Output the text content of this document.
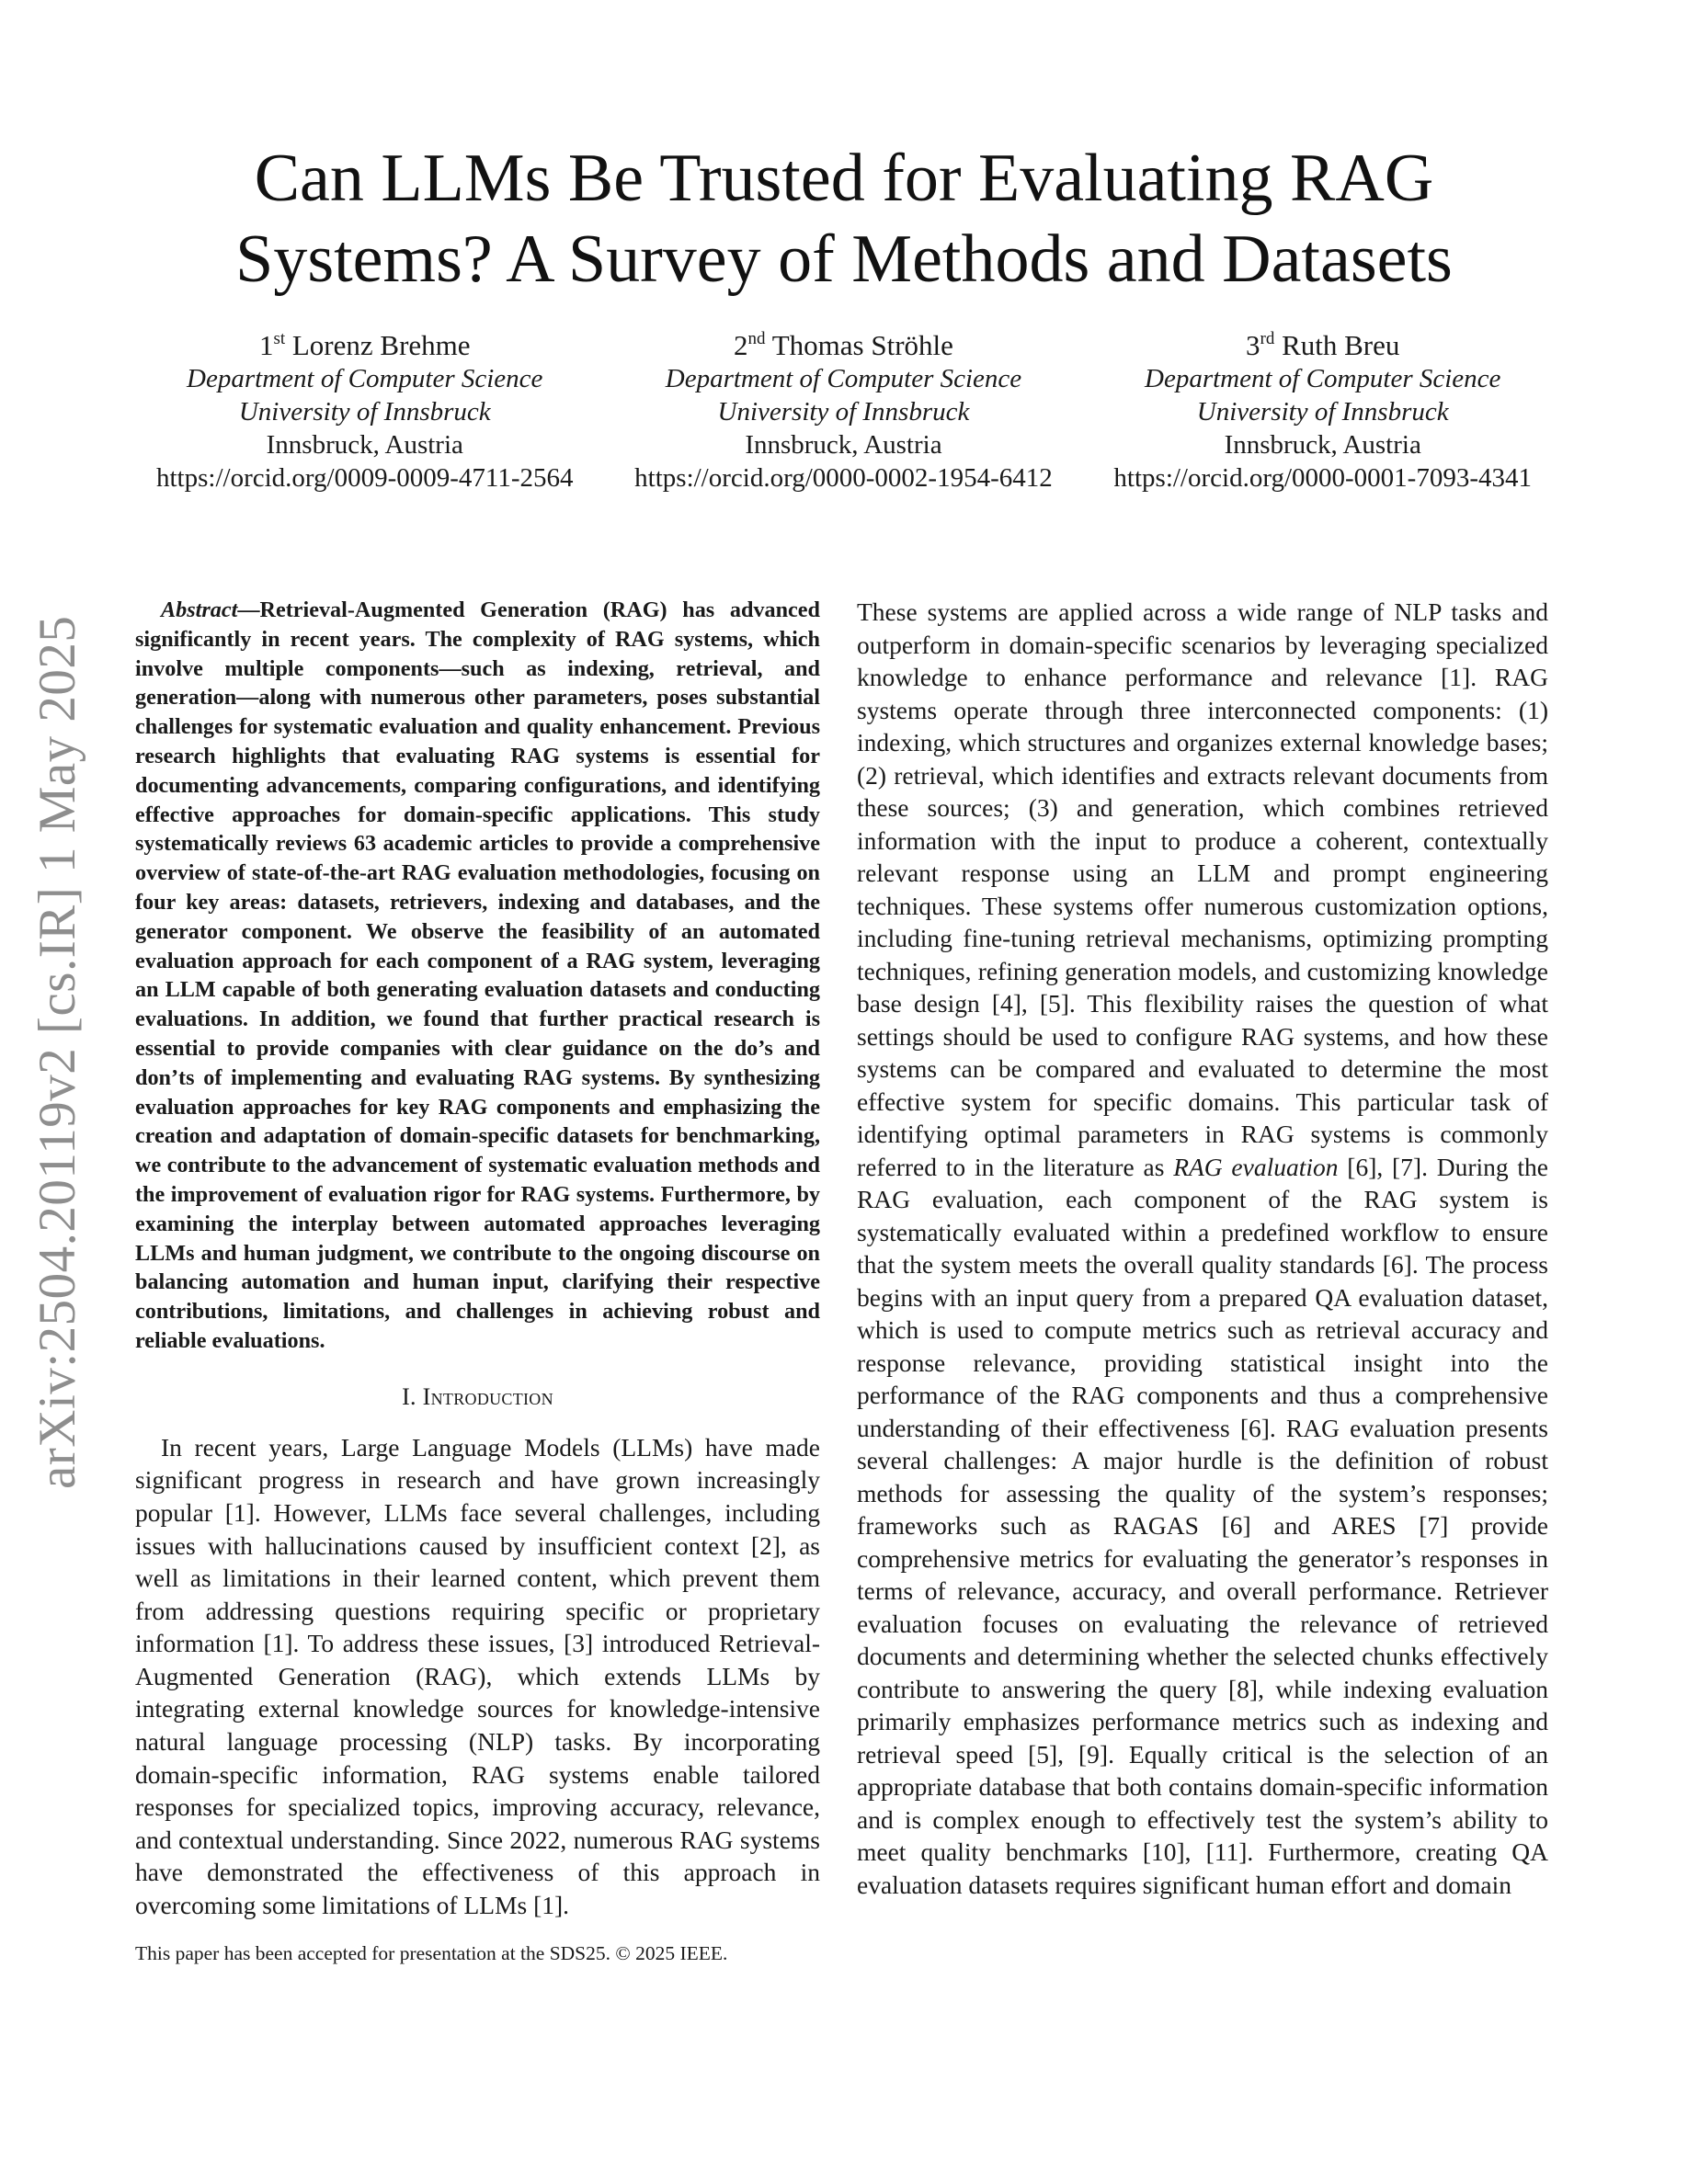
arXiv:2504.20119v2 [cs.IR] 1 May 2025
Can LLMs Be Trusted for Evaluating RAG
Systems? A Survey of Methods and Datasets
1st Lorenz Brehme
Department of Computer Science
University of Innsbruck
Innsbruck, Austria
https://orcid.org/0009-0009-4711-2564
2nd Thomas Ströhle
Department of Computer Science
University of Innsbruck
Innsbruck, Austria
https://orcid.org/0000-0002-1954-6412
3rd Ruth Breu
Department of Computer Science
University of Innsbruck
Innsbruck, Austria
https://orcid.org/0000-0001-7093-4341

Abstract—Retrieval-Augmented Generation (RAG) has advanced significantly in recent years. The complexity of RAG systems, which involve multiple components—such as indexing, retrieval, and generation—along with numerous other parameters, poses substantial challenges for systematic evaluation and quality enhancement. Previous research highlights that evaluating RAG systems is essential for documenting advancements, comparing configurations, and identifying effective approaches for domain-specific applications. This study systematically reviews 63 academic articles to provide a comprehensive overview of state-of-the-art RAG evaluation methodologies, focusing on four key areas: datasets, retrievers, indexing and databases, and the generator component. We observe the feasibility of an automated evaluation approach for each component of a RAG system, leveraging an LLM capable of both generating evaluation datasets and conducting evaluations. In addition, we found that further practical research is essential to provide companies with clear guidance on the do’s and don’ts of implementing and evaluating RAG systems. By synthesizing evaluation approaches for key RAG components and emphasizing the creation and adaptation of domain-specific datasets for benchmarking, we contribute to the advancement of systematic evaluation methods and the improvement of evaluation rigor for RAG systems. Furthermore, by examining the interplay between automated approaches leveraging LLMs and human judgment, we contribute to the ongoing discourse on balancing automation and human input, clarifying their respective contributions, limitations, and challenges in achieving robust and reliable evaluations.

I. Introduction

In recent years, Large Language Models (LLMs) have made significant progress in research and have grown increasingly popular [1]. However, LLMs face several challenges, including issues with hallucinations caused by insufficient context [2], as well as limitations in their learned content, which prevent them from addressing questions requiring specific or proprietary information [1]. To address these issues, [3] introduced Retrieval-Augmented Generation (RAG), which extends LLMs by integrating external knowledge sources for knowledge-intensive natural language processing (NLP) tasks. By incorporating domain-specific information, RAG systems enable tailored responses for specialized topics, improving accuracy, relevance, and contextual understanding. Since 2022, numerous RAG systems have demonstrated the effectiveness of this approach in overcoming some limitations of LLMs [1].

This paper has been accepted for presentation at the SDS25. © 2025 IEEE.

These systems are applied across a wide range of NLP tasks and outperform in domain-specific scenarios by leveraging specialized knowledge to enhance performance and relevance [1]. RAG systems operate through three interconnected components: (1) indexing, which structures and organizes external knowledge bases; (2) retrieval, which identifies and extracts relevant documents from these sources; (3) and generation, which combines retrieved information with the input to produce a coherent, contextually relevant response using an LLM and prompt engineering techniques. These systems offer numerous customization options, including fine-tuning retrieval mechanisms, optimizing prompting techniques, refining generation models, and customizing knowledge base design [4], [5]. This flexibility raises the question of what settings should be used to configure RAG systems, and how these systems can be compared and evaluated to determine the most effective system for specific domains. This particular task of identifying optimal parameters in RAG systems is commonly referred to in the literature as RAG evaluation [6], [7]. During the RAG evaluation, each component of the RAG system is systematically evaluated within a predefined workflow to ensure that the system meets the overall quality standards [6]. The process begins with an input query from a prepared QA evaluation dataset, which is used to compute metrics such as retrieval accuracy and response relevance, providing statistical insight into the performance of the RAG components and thus a comprehensive understanding of their effectiveness [6]. RAG evaluation presents several challenges: A major hurdle is the definition of robust methods for assessing the quality of the system’s responses; frameworks such as RAGAS [6] and ARES [7] provide comprehensive metrics for evaluating the generator’s responses in terms of relevance, accuracy, and overall performance. Retriever evaluation focuses on evaluating the relevance of retrieved documents and determining whether the selected chunks effectively contribute to answering the query [8], while indexing evaluation primarily emphasizes performance metrics such as indexing and retrieval speed [5], [9]. Equally critical is the selection of an appropriate database that both contains domain-specific information and is complex enough to effectively test the system’s ability to meet quality benchmarks [10], [11]. Furthermore, creating QA evaluation datasets requires significant human effort and domain
